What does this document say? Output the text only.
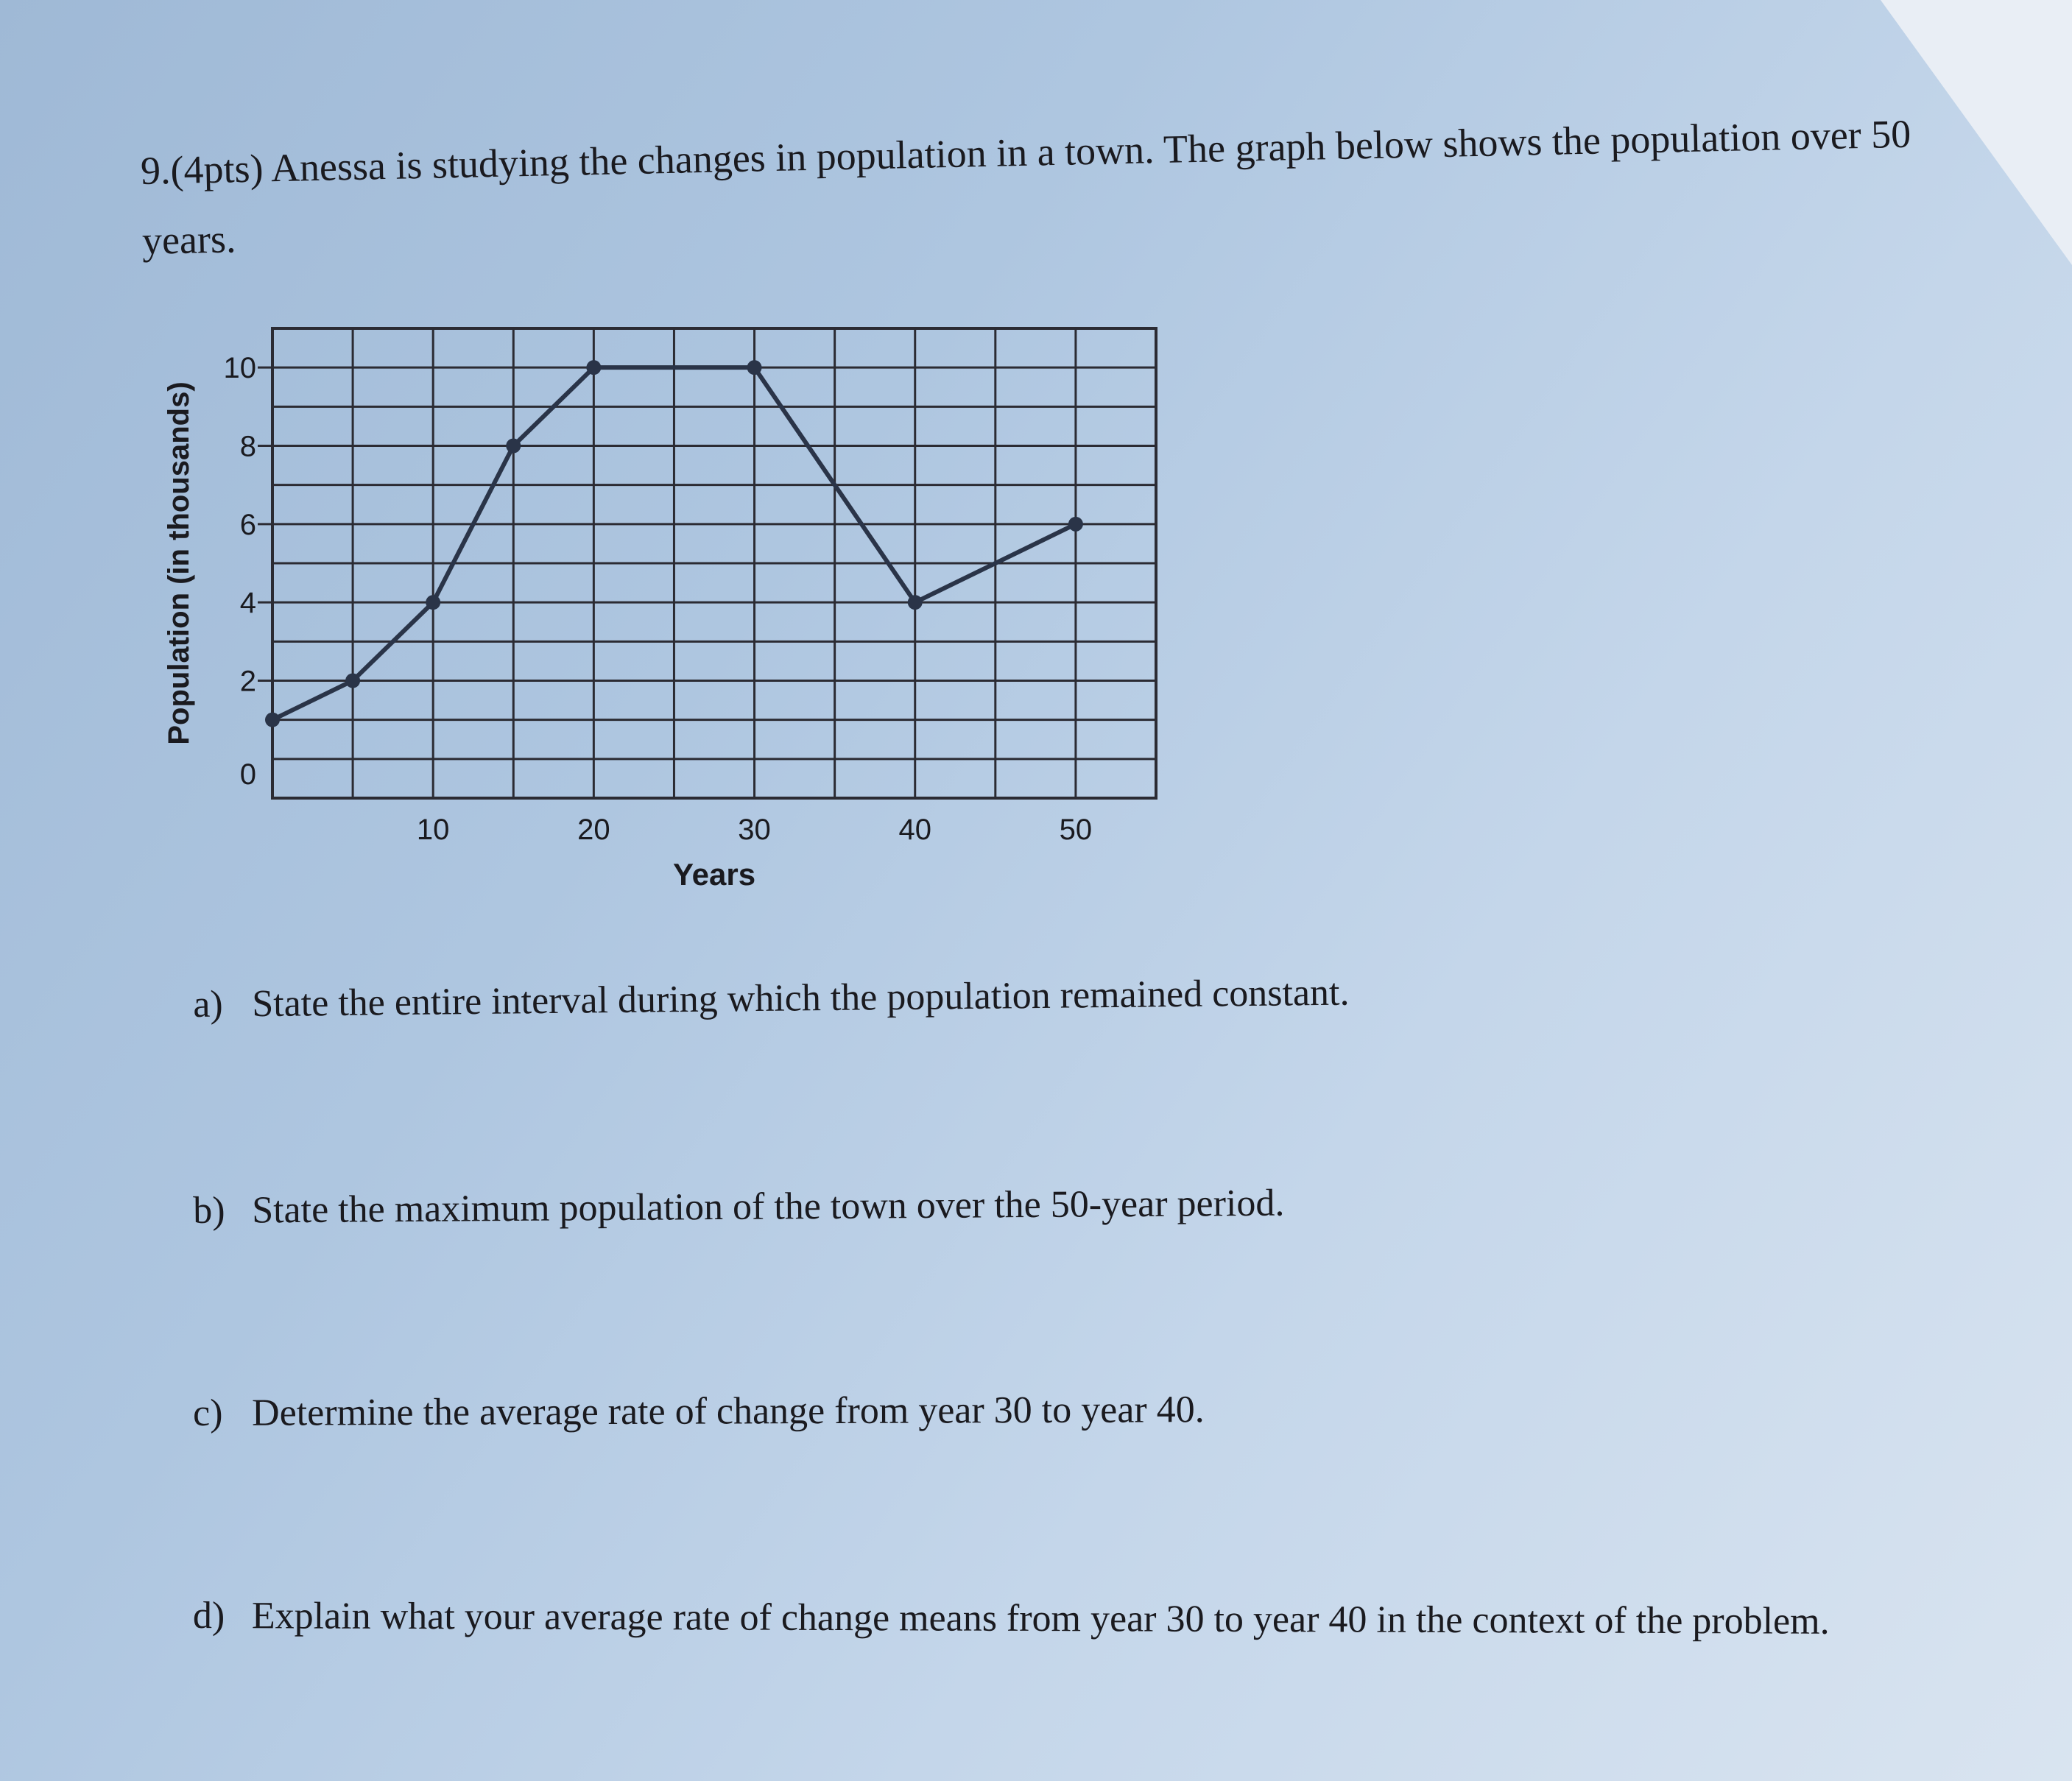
9.(4pts) Anessa is studying the changes in population in a town. The graph below shows the population over 50
years.
0
2
4
6
8
10
10	20	30	40	50
Years
Population (in thousands)
a) State the entire interval during which the population remained constant.
b) State the maximum population of the town over the 50-year period.
c) Determine the average rate of change from year 30 to year 40.
d) Explain what your average rate of change means from year 30 to year 40 in the context of the problem.
